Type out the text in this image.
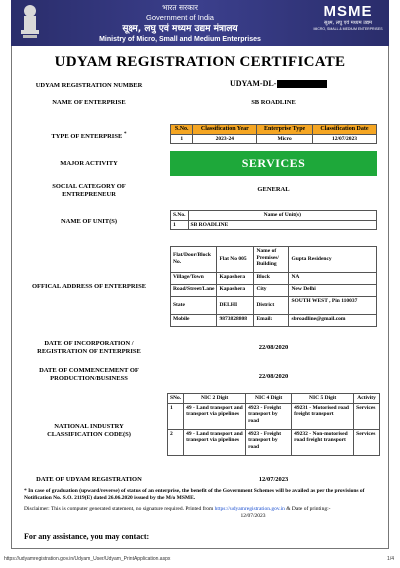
भारत सरकार
Government of India
सूक्ष्म, लघु एवं मध्यम उद्यम मंत्रालय
Ministry of Micro, Small and Medium Enterprises
MSME
सूक्ष्म, लघु एवं मध्यम उद्यम
MICRO, SMALL & MEDIUM ENTERPRISES
UDYAM REGISTRATION CERTIFICATE
UDYAM REGISTRATION NUMBER	UDYAM-DL-
NAME OF ENTERPRISE	SB ROADLINE
TYPE OF ENTERPRISE *
S.No.	Classification Year	Enterprise Type	Classification Date
1	2023-24	Micro	12/07/2023
MAJOR ACTIVITY	SERVICES
SOCIAL CATEGORY OF
ENTREPRENEUR
GENERAL
NAME OF UNIT(S)
S.No.	Name of Unit(s)
1	SB ROADLINE
OFFICAL ADDRESS OF ENTERPRISE
Flat/Door/Block No.	Flat No 005	Name of Premises/ Building	Gupta Residency
Village/Town	Kapashera	Block	NA
Road/Street/Lane	Kapashera	City	New Delhi
State	DELHI	District	SOUTH WEST , Pin 110037
Mobile	9873828808	Email:	sbroadline@gmail.com
DATE OF INCORPORATION /
REGISTRATION OF ENTERPRISE
22/08/2020
DATE OF COMMENCEMENT OF
PRODUCTION/BUSINESS	22/08/2020
NATIONAL INDUSTRY
CLASSIFICATION CODE(S)
SNo.	NIC 2 Digit	NIC 4 Digit	NIC 5 Digit	Activity
1	49 - Land transport and transport via pipelines	4923 - Freight transport by road	49231 - Motorised road freight transport	Services
2	49 - Land transport and transport via pipelines	4923 - Freight transport by road	49232 - Non-motorised road freight transport	Services
DATE OF UDYAM REGISTRATION	12/07/2023
* In case of graduation (upward/reverse) of status of an enterprise, the benefit of the Government Schemes will be availed as per the provisions of Notification No. S.O. 2119(E) dated 26.06.2020 issued by the M/o MSME.
Disclaimer: This is computer generated statement, no signature required. Printed from https://udyamregistration.gov.in & Date of printing:-
12/07/2023
For any assistance, you may contact:
https://udyamregistration.gov.in/Udyam_User/Udyam_PrintApplication.aspx	1/4
